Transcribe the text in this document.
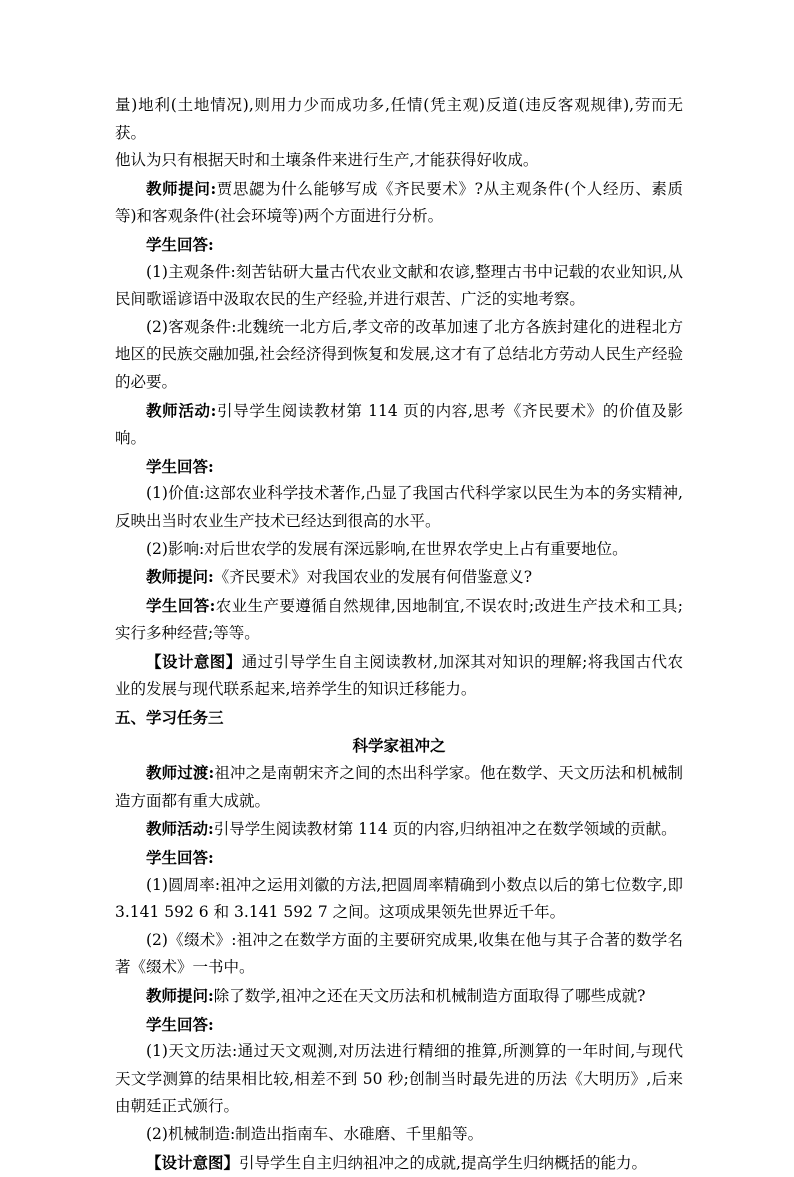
量)地利(土地情况),则用力少而成功多,任情(凭主观)反道(违反客观规律),劳而无获。

他认为只有根据天时和土壤条件来进行生产,才能获得好收成。

教师提问:贾思勰为什么能够写成《齐民要术》?从主观条件(个人经历、素质等)和客观条件(社会环境等)两个方面进行分析。

学生回答:

(1)主观条件:刻苦钻研大量古代农业文献和农谚,整理古书中记载的农业知识,从民间歌谣谚语中汲取农民的生产经验,并进行艰苦、广泛的实地考察。

(2)客观条件:北魏统一北方后,孝文帝的改革加速了北方各族封建化的进程北方地区的民族交融加强,社会经济得到恢复和发展,这才有了总结北方劳动人民生产经验的必要。

教师活动:引导学生阅读教材第 114 页的内容,思考《齐民要术》的价值及影响。

学生回答:

(1)价值:这部农业科学技术著作,凸显了我国古代科学家以民生为本的务实精神,反映出当时农业生产技术已经达到很高的水平。

(2)影响:对后世农学的发展有深远影响,在世界农学史上占有重要地位。

教师提问:《齐民要术》对我国农业的发展有何借鉴意义?

学生回答:农业生产要遵循自然规律,因地制宜,不误农时;改进生产技术和工具;实行多种经营;等等。

【设计意图】通过引导学生自主阅读教材,加深其对知识的理解;将我国古代农业的发展与现代联系起来,培养学生的知识迁移能力。

五、学习任务三

科学家祖冲之

教师过渡:祖冲之是南朝宋齐之间的杰出科学家。他在数学、天文历法和机械制造方面都有重大成就。

教师活动:引导学生阅读教材第 114 页的内容,归纳祖冲之在数学领域的贡献。

学生回答:

(1)圆周率:祖冲之运用刘徽的方法,把圆周率精确到小数点以后的第七位数字,即 3.141 592 6 和 3.141 592 7 之间。这项成果领先世界近千年。

(2)《缀术》:祖冲之在数学方面的主要研究成果,收集在他与其子合著的数学名著《缀术》一书中。

教师提问:除了数学,祖冲之还在天文历法和机械制造方面取得了哪些成就?

学生回答:

(1)天文历法:通过天文观测,对历法进行精细的推算,所测算的一年时间,与现代天文学测算的结果相比较,相差不到 50 秒;创制当时最先进的历法《大明历》,后来由朝廷正式颁行。

(2)机械制造:制造出指南车、水碓磨、千里船等。

【设计意图】引导学生自主归纳祖冲之的成就,提高学生归纳概括的能力。
